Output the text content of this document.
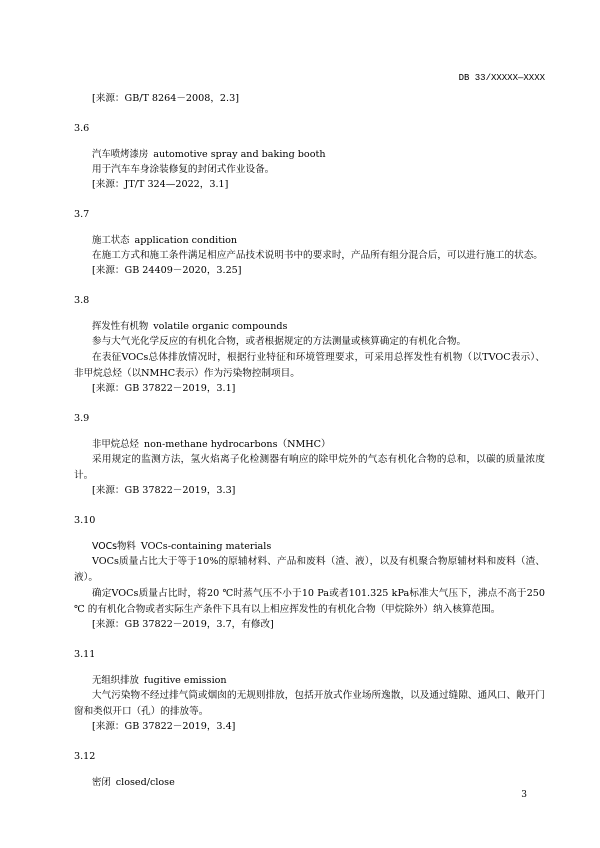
DB 33/XXXXX—XXXX
[来源：GB/T 8264－2008，2.3]
3.6
汽车喷烤漆房 automotive spray and baking booth
用于汽车车身涂装修复的封闭式作业设备。
[来源：JT/T 324—2022，3.1]
3.7
施工状态 application condition
在施工方式和施工条件满足相应产品技术说明书中的要求时，产品所有组分混合后，可以进行施工的状态。
[来源：GB 24409－2020，3.25]
3.8
挥发性有机物 volatile organic compounds
参与大气光化学反应的有机化合物，或者根据规定的方法测量或核算确定的有机化合物。
在表征VOCs总体排放情况时，根据行业特征和环境管理要求，可采用总挥发性有机物（以TVOC表示）、非甲烷总烃（以NMHC表示）作为污染物控制项目。
[来源：GB 37822－2019，3.1]
3.9
非甲烷总烃 non-methane hydrocarbons（NMHC）
采用规定的监测方法，氢火焰离子化检测器有响应的除甲烷外的气态有机化合物的总和，以碳的质量浓度计。
[来源：GB 37822－2019，3.3]
3.10
VOCs物料 VOCs-containing materials
VOCs质量占比大于等于10%的原辅材料、产品和废料（渣、液），以及有机聚合物原辅材料和废料（渣、液）。
确定VOCs质量占比时，将20 ℃时蒸气压不小于10 Pa或者101.325 kPa标准大气压下，沸点不高于250 ℃ 的有机化合物或者实际生产条件下具有以上相应挥发性的有机化合物（甲烷除外）纳入核算范围。
[来源：GB 37822－2019，3.7，有修改]
3.11
无组织排放 fugitive emission
大气污染物不经过排气筒或烟囱的无规则排放，包括开放式作业场所逸散，以及通过缝隙、通风口、敞开门窗和类似开口（孔）的排放等。
[来源：GB 37822－2019，3.4]
3.12
密闭 closed/close
3
